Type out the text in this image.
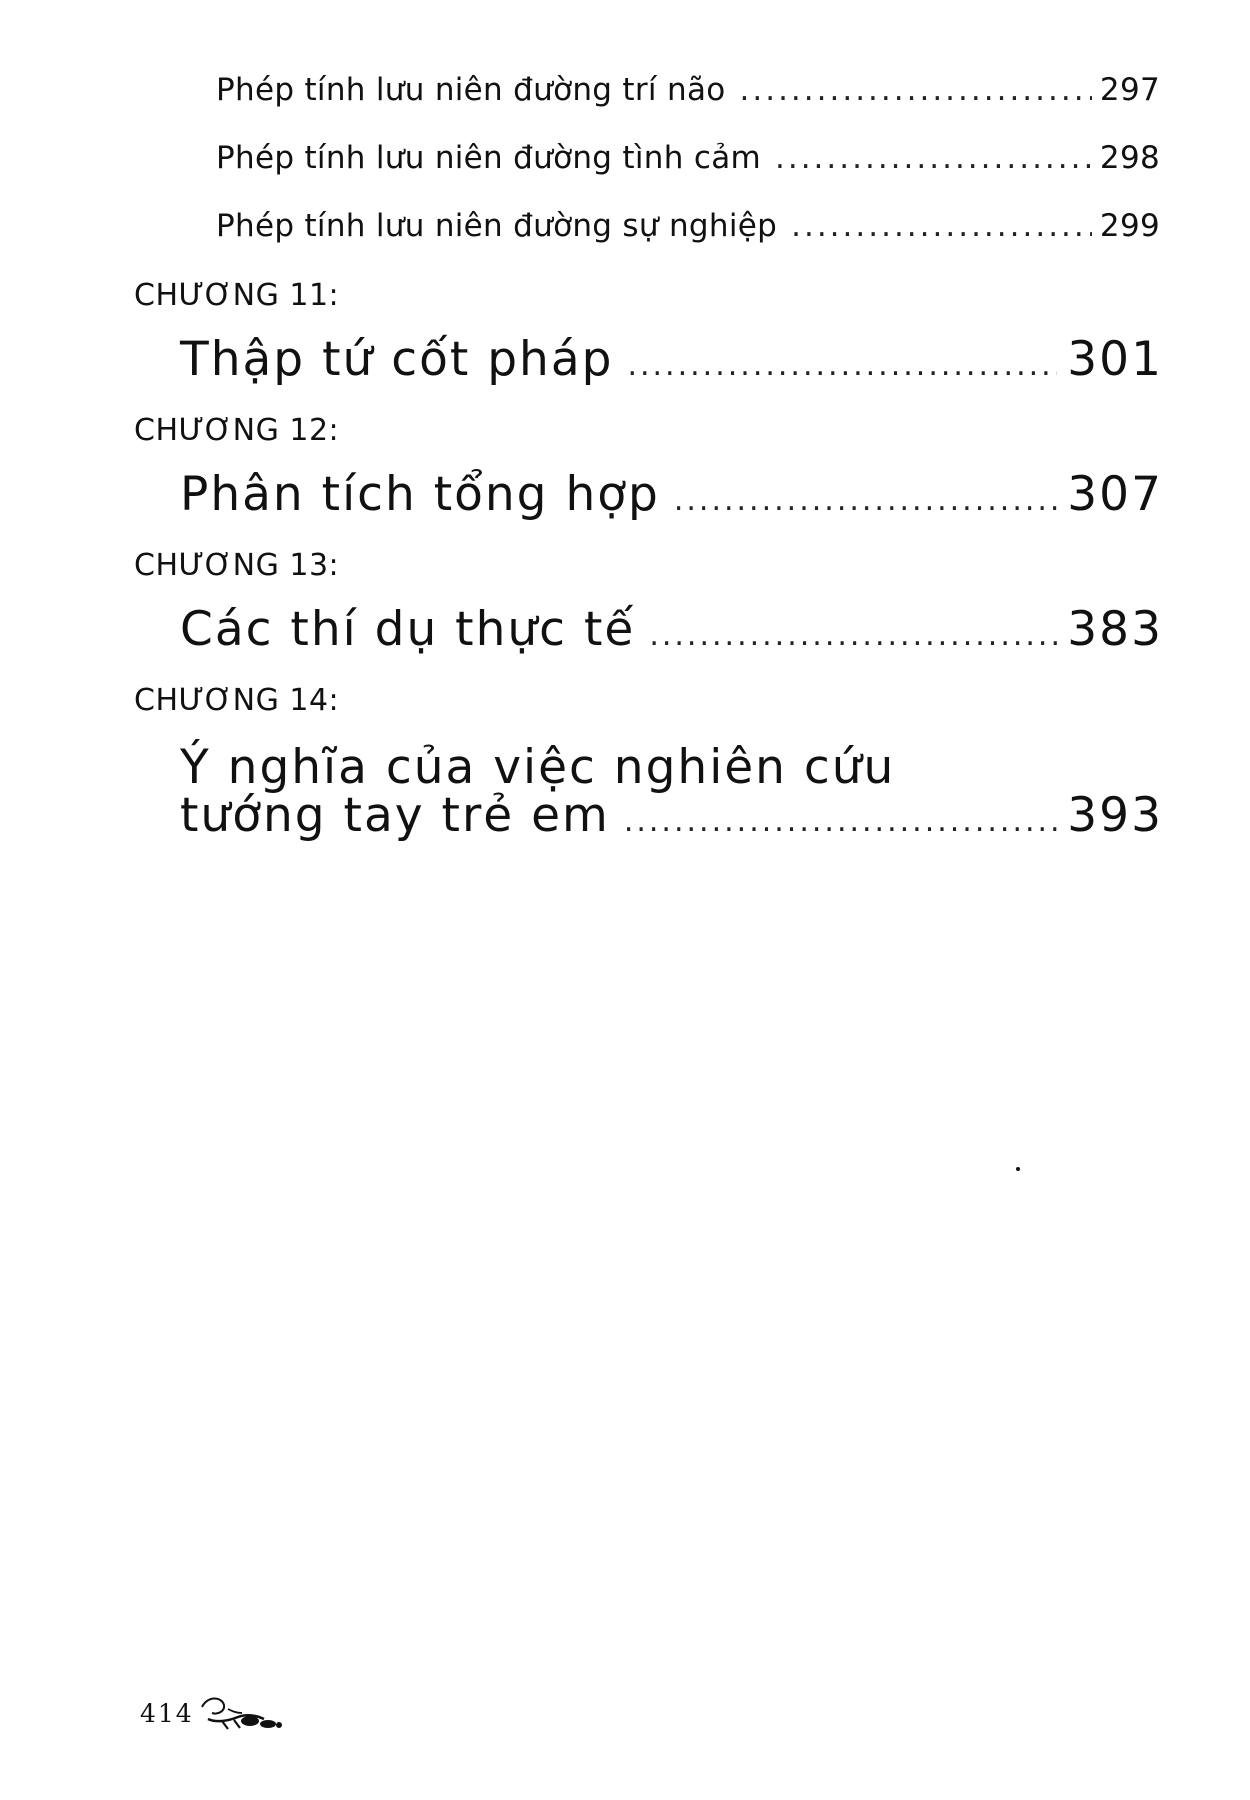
Phép tính lưu niên đường trí não .....	297
Phép tính lưu niên đường tình cảm .....	298
Phép tính lưu niên đường sự nghiệp .....	299
CHƯƠNG 11:
Thập tứ cốt pháp .....	301
CHƯƠNG 12:
Phân tích tổng hợp .....	307
CHƯƠNG 13:
Các thí dụ thực tế .....	383
CHƯƠNG 14:
Ý nghĩa của việc nghiên cứu
tướng tay trẻ em .....	393
414
